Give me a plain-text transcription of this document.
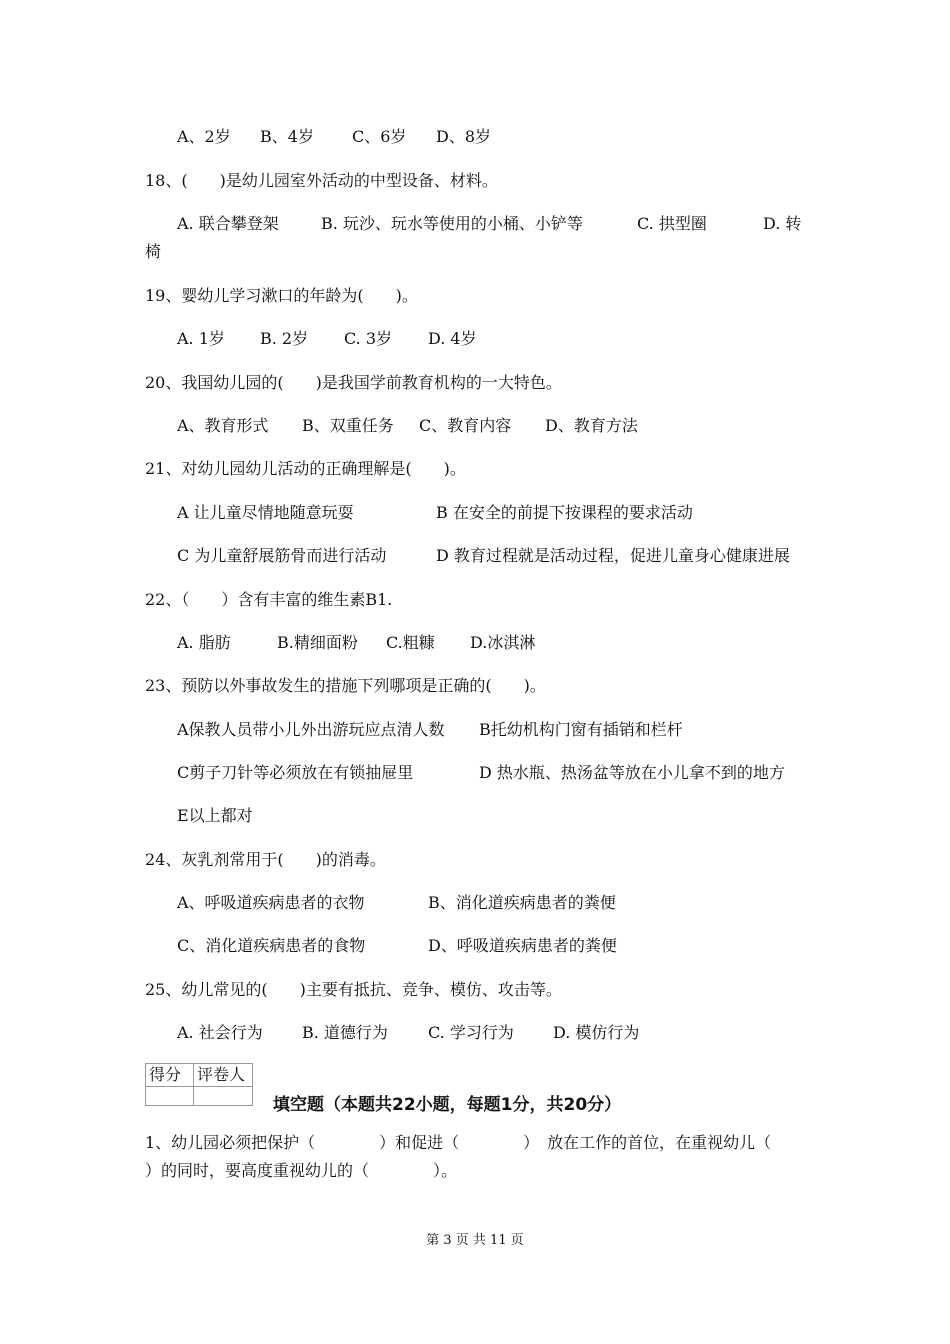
A、2岁 B、4岁 C、6岁 D、8岁
18、(　　)是幼儿园室外活动的中型设备、材料。
A. 联合攀登架	B. 玩沙、玩水等使用的小桶、小铲等	C. 拱型圈	D. 转
椅
19、婴幼儿学习漱口的年龄为(　　)。
A. 1岁 B. 2岁 C. 3岁 D. 4岁
20、我国幼儿园的(　　)是我国学前教育机构的一大特色。
A、教育形式 B、双重任务 C、教育内容 D、教育方法
21、对幼儿园幼儿活动的正确理解是(　　)。
A 让儿童尽情地随意玩耍	B 在安全的前提下按课程的要求活动
C 为儿童舒展筋骨而进行活动	D 教育过程就是活动过程，促进儿童身心健康进展
22、（　　）含有丰富的维生素B1.
A. 脂肪	B.精细面粉 C.粗糠 D.冰淇淋
23、预防以外事故发生的措施下列哪项是正确的(　　)。
A保教人员带小儿外出游玩应点清人数 B托幼机构门窗有插销和栏杆
C剪子刀针等必须放在有锁抽屉里	D 热水瓶、热汤盆等放在小儿拿不到的地方
E以上都对
24、灰乳剂常用于(　　)的消毒。
A、呼吸道疾病患者的衣物	B、消化道疾病患者的粪便
C、消化道疾病患者的食物	D、呼吸道疾病患者的粪便
25、幼儿常见的(　　)主要有抵抗、竞争、模仿、攻击等。
A. 社会行为 B. 道德行为	C. 学习行为 D. 模仿行为
得分 评卷人
填空题（本题共22小题，每题1分，共20分）
1、幼儿园必须把保护（　　　　）和促进（　　　　）　放在工作的首位，在重视幼儿（
）的同时，要高度重视幼儿的（　　　　）。
第 3 页 共 11 页
